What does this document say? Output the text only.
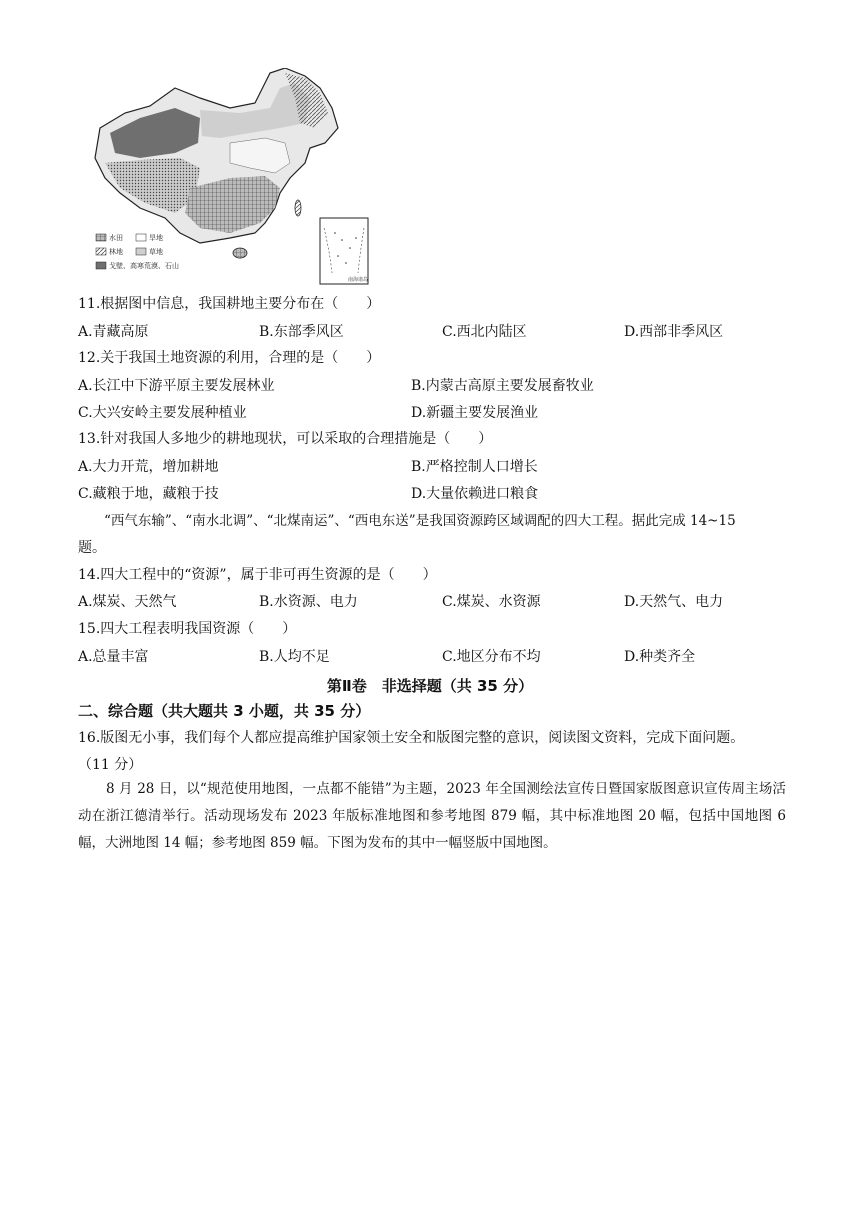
南海诸岛
水田	旱地
林地	草地
戈壁、高寒荒漠、石山
11.根据图中信息，我国耕地主要分布在（　　）
A.青藏高原	B.东部季风区	C.西北内陆区	D.西部非季风区
12.关于我国土地资源的利用，合理的是（　　）
A.长江中下游平原主要发展林业	B.内蒙古高原主要发展畜牧业
C.大兴安岭主要发展种植业	D.新疆主要发展渔业
13.针对我国人多地少的耕地现状，可以采取的合理措施是（　　）
A.大力开荒，增加耕地	B.严格控制人口增长
C.藏粮于地，藏粮于技	D.大量依赖进口粮食
“西气东输”、“南水北调”、“北煤南运”、“西电东送”是我国资源跨区域调配的四大工程。据此完成 14~15
题。
14.四大工程中的“资源”，属于非可再生资源的是（　　）
A.煤炭、天然气	B.水资源、电力	C.煤炭、水资源	D.天然气、电力
15.四大工程表明我国资源（　　）
A.总量丰富	B.人均不足	C.地区分布不均	D.种类齐全
第Ⅱ卷　非选择题（共 35 分）
二、综合题（共大题共 3 小题，共 35 分）
16.版图无小事，我们每个人都应提高维护国家领土安全和版图完整的意识，阅读图文资料，完成下面问题。
（11 分）
8 月 28 日，以“规范使用地图，一点都不能错”为主题，2023 年全国测绘法宣传日暨国家版图意识宣传周主场活动在浙江德清举行。活动现场发布 2023 年版标准地图和参考地图 879 幅，其中标准地图 20 幅，包括中国地图 6 幅，大洲地图 14 幅；参考地图 859 幅。下图为发布的其中一幅竖版中国地图。
